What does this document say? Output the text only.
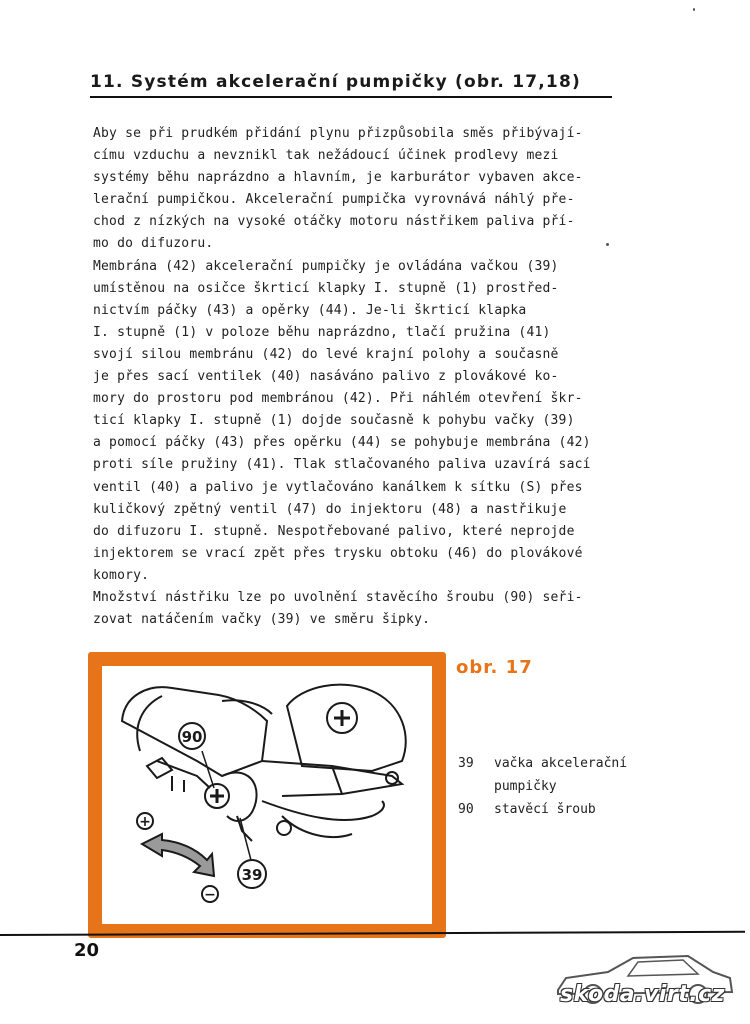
11. Systém akcelerační pumpičky (obr. 17,18)

Aby se při prudkém přidání plynu přizpůsobila směs přibývají-
címu vzduchu a nevznikl tak nežádoucí účinek prodlevy mezi
systémy běhu naprázdno a hlavním, je karburátor vybaven akce-
lerační pumpičkou. Akcelerační pumpička vyrovnává náhlý pře-
chod z nízkých na vysoké otáčky motoru nástřikem paliva pří-
mo do difuzoru.

Membrána (42) akcelerační pumpičky je ovládána vačkou (39)
umístěnou na osičce škrticí klapky I. stupně (1) prostřed-
nictvím páčky (43) a opěrky (44). Je-li škrticí klapka
I. stupně (1) v poloze běhu naprázdno, tlačí pružina (41)
svojí silou membránu (42) do levé krajní polohy a současně
je přes sací ventilek (40) nasáváno palivo z plovákové ko-
mory do prostoru pod membránou (42). Při náhlém otevření škr-
ticí klapky I. stupně (1) dojde současně k pohybu vačky (39)
a pomocí páčky (43) přes opěrku (44) se pohybuje membrána (42)
proti síle pružiny (41). Tlak stlačovaného paliva uzavírá sací
ventil (40) a palivo je vytlačováno kanálkem k sítku (S) přes
kuličkový zpětný ventil (47) do injektoru (48) a nastřikuje
do difuzoru I. stupně. Nespotřebované palivo, které neprojde
injektorem se vrací zpět přes trysku obtoku (46) do plovákové
komory.

Množství nástřiku lze po uvolnění stavěcího šroubu (90) seři-
zovat natáčením vačky (39) ve směru šipky.

90
39
+
−
obr. 17
39	vačka akcelerační
pumpičky
90	stavěcí šroub
20
skoda.virt.cz
